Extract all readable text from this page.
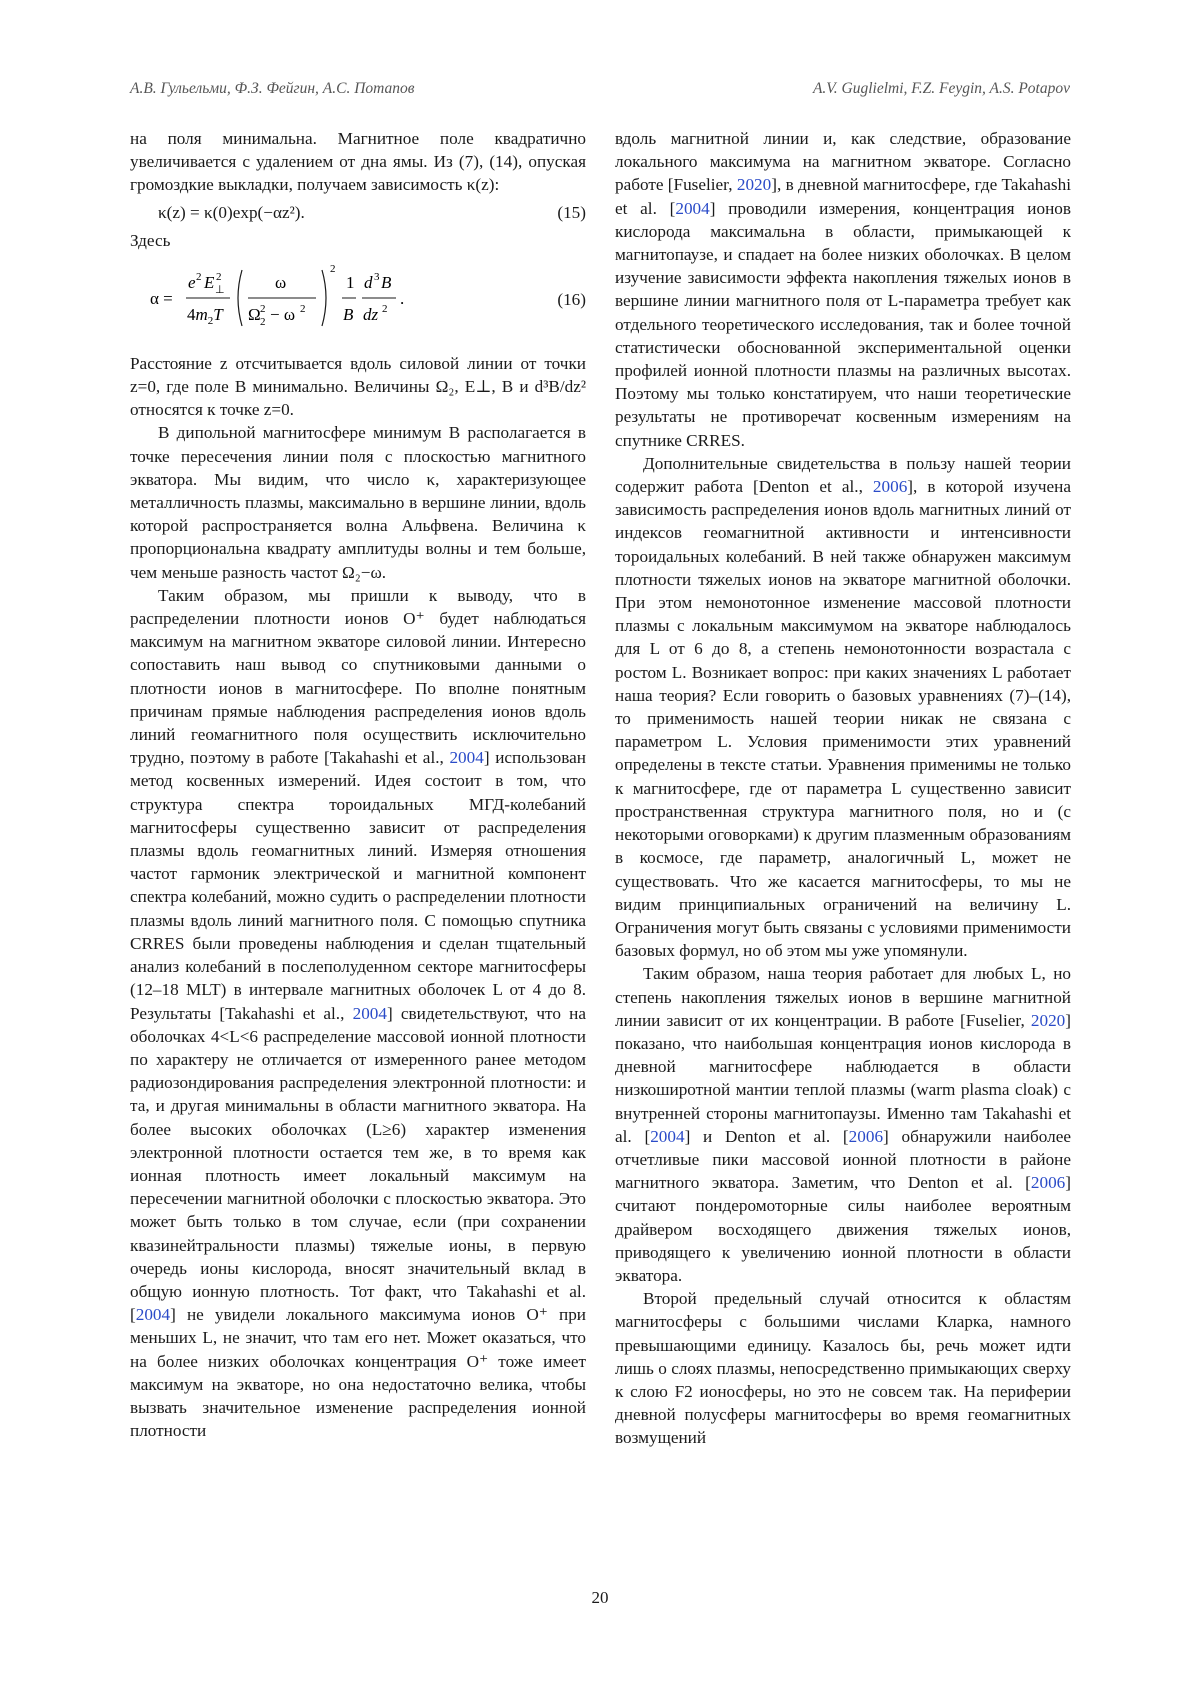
А.В. Гульельми, Ф.З. Фейгин, А.С. Потапов	A.V. Guglielmi, F.Z. Feygin, A.S. Potapov

на поля минимальна. Магнитное поле квадратично увеличивается с удалением от дна ямы. Из (7), (14), опуская громоздкие выкладки, получаем зависимость κ(z):

κ(z) = κ(0)exp(−αz²).	(15)

Здесь

α =
e 2 E 2
⊥
$4m_2T$
ω
Ω 2
2 − ω 2
2
1
B
d 3 B
dz 2
.	(16)

Расстояние z отсчитывается вдоль силовой линии от точки z=0, где поле B минимально. Величины Ω₂, E⊥, B и d³B/dz² относятся к точке z=0.

В дипольной магнитосфере минимум B располагается в точке пересечения линии поля с плоскостью магнитного экватора. Мы видим, что число κ, характеризующее металличность плазмы, максимально в вершине линии, вдоль которой распространяется волна Альфвена. Величина κ пропорциональна квадрату амплитуды волны и тем больше, чем меньше разность частот Ω₂−ω.

Таким образом, мы пришли к выводу, что в распределении плотности ионов O⁺ будет наблюдаться максимум на магнитном экваторе силовой линии. Интересно сопоставить наш вывод со спутниковыми данными о плотности ионов в магнитосфере. По вполне понятным причинам прямые наблюдения распределения ионов вдоль линий геомагнитного поля осуществить исключительно трудно, поэтому в работе [Takahashi et al., 2004] использован метод косвенных измерений. Идея состоит в том, что структура спектра тороидальных МГД-колебаний магнитосферы существенно зависит от распределения плазмы вдоль геомагнитных линий. Измеряя отношения частот гармоник электрической и магнитной компонент спектра колебаний, можно судить о распределении плотности плазмы вдоль линий магнитного поля. С помощью спутника CRRES были проведены наблюдения и сделан тщательный анализ колебаний в послеполуденном секторе магнитосферы (12–18 MLT) в интервале магнитных оболочек L от 4 до 8. Результаты [Takahashi et al., 2004] свидетельствуют, что на оболочках 4<L<6 распределение массовой ионной плотности по характеру не отличается от измеренного ранее методом радиозондирования распределения электронной плотности: и та, и другая минимальны в области магнитного экватора. На более высоких оболочках (L≥6) характер изменения электронной плотности остается тем же, в то время как ионная плотность имеет локальный максимум на пересечении магнитной оболочки с плоскостью экватора. Это может быть только в том случае, если (при сохранении квазинейтральности плазмы) тяжелые ионы, в первую очередь ионы кислорода, вносят значительный вклад в общую ионную плотность. Тот факт, что Takahashi et al. [2004] не увидели локального максимума ионов O⁺ при меньших L, не значит, что там его нет. Может оказаться, что на более низких оболочках концентрация O⁺ тоже имеет максимум на экваторе, но она недостаточно велика, чтобы вызвать значительное изменение распределения ионной плотности

вдоль магнитной линии и, как следствие, образование локального максимума на магнитном экваторе. Согласно работе [Fuselier, 2020], в дневной магнитосфере, где Takahashi et al. [2004] проводили измерения, концентрация ионов кислорода максимальна в области, примыкающей к магнитопаузе, и спадает на более низких оболочках. В целом изучение зависимости эффекта накопления тяжелых ионов в вершине линии магнитного поля от L-параметра требует как отдельного теоретического исследования, так и более точной статистически обоснованной экспериментальной оценки профилей ионной плотности плазмы на различных высотах. Поэтому мы только констатируем, что наши теоретические результаты не противоречат косвенным измерениям на спутнике CRRES.

Дополнительные свидетельства в пользу нашей теории содержит работа [Denton et al., 2006], в которой изучена зависимость распределения ионов вдоль магнитных линий от индексов геомагнитной активности и интенсивности тороидальных колебаний. В ней также обнаружен максимум плотности тяжелых ионов на экваторе магнитной оболочки. При этом немонотонное изменение массовой плотности плазмы с локальным максимумом на экваторе наблюдалось для L от 6 до 8, а степень немонотонности возрастала с ростом L. Возникает вопрос: при каких значениях L работает наша теория? Если говорить о базовых уравнениях (7)–(14), то применимость нашей теории никак не связана с параметром L. Условия применимости этих уравнений определены в тексте статьи. Уравнения применимы не только к магнитосфере, где от параметра L существенно зависит пространственная структура магнитного поля, но и (с некоторыми оговорками) к другим плазменным образованиям в космосе, где параметр, аналогичный L, может не существовать. Что же касается магнитосферы, то мы не видим принципиальных ограничений на величину L. Ограничения могут быть связаны с условиями применимости базовых формул, но об этом мы уже упомянули.

Таким образом, наша теория работает для любых L, но степень накопления тяжелых ионов в вершине магнитной линии зависит от их концентрации. В работе [Fuselier, 2020] показано, что наибольшая концентрация ионов кислорода в дневной магнитосфере наблюдается в области низкоширотной мантии теплой плазмы (warm plasma cloak) с внутренней стороны магнитопаузы. Именно там Takahashi et al. [2004] и Denton et al. [2006] обнаружили наиболее отчетливые пики массовой ионной плотности в районе магнитного экватора. Заметим, что Denton et al. [2006] считают пондеромоторные силы наиболее вероятным драйвером восходящего движения тяжелых ионов, приводящего к увеличению ионной плотности в области экватора.

Второй предельный случай относится к областям магнитосферы с большими числами Кларка, намного превышающими единицу. Казалось бы, речь может идти лишь о слоях плазмы, непосредственно примыкающих сверху к слою F2 ионосферы, но это не совсем так. На периферии дневной полусферы магнитосферы во время геомагнитных возмущений

20
